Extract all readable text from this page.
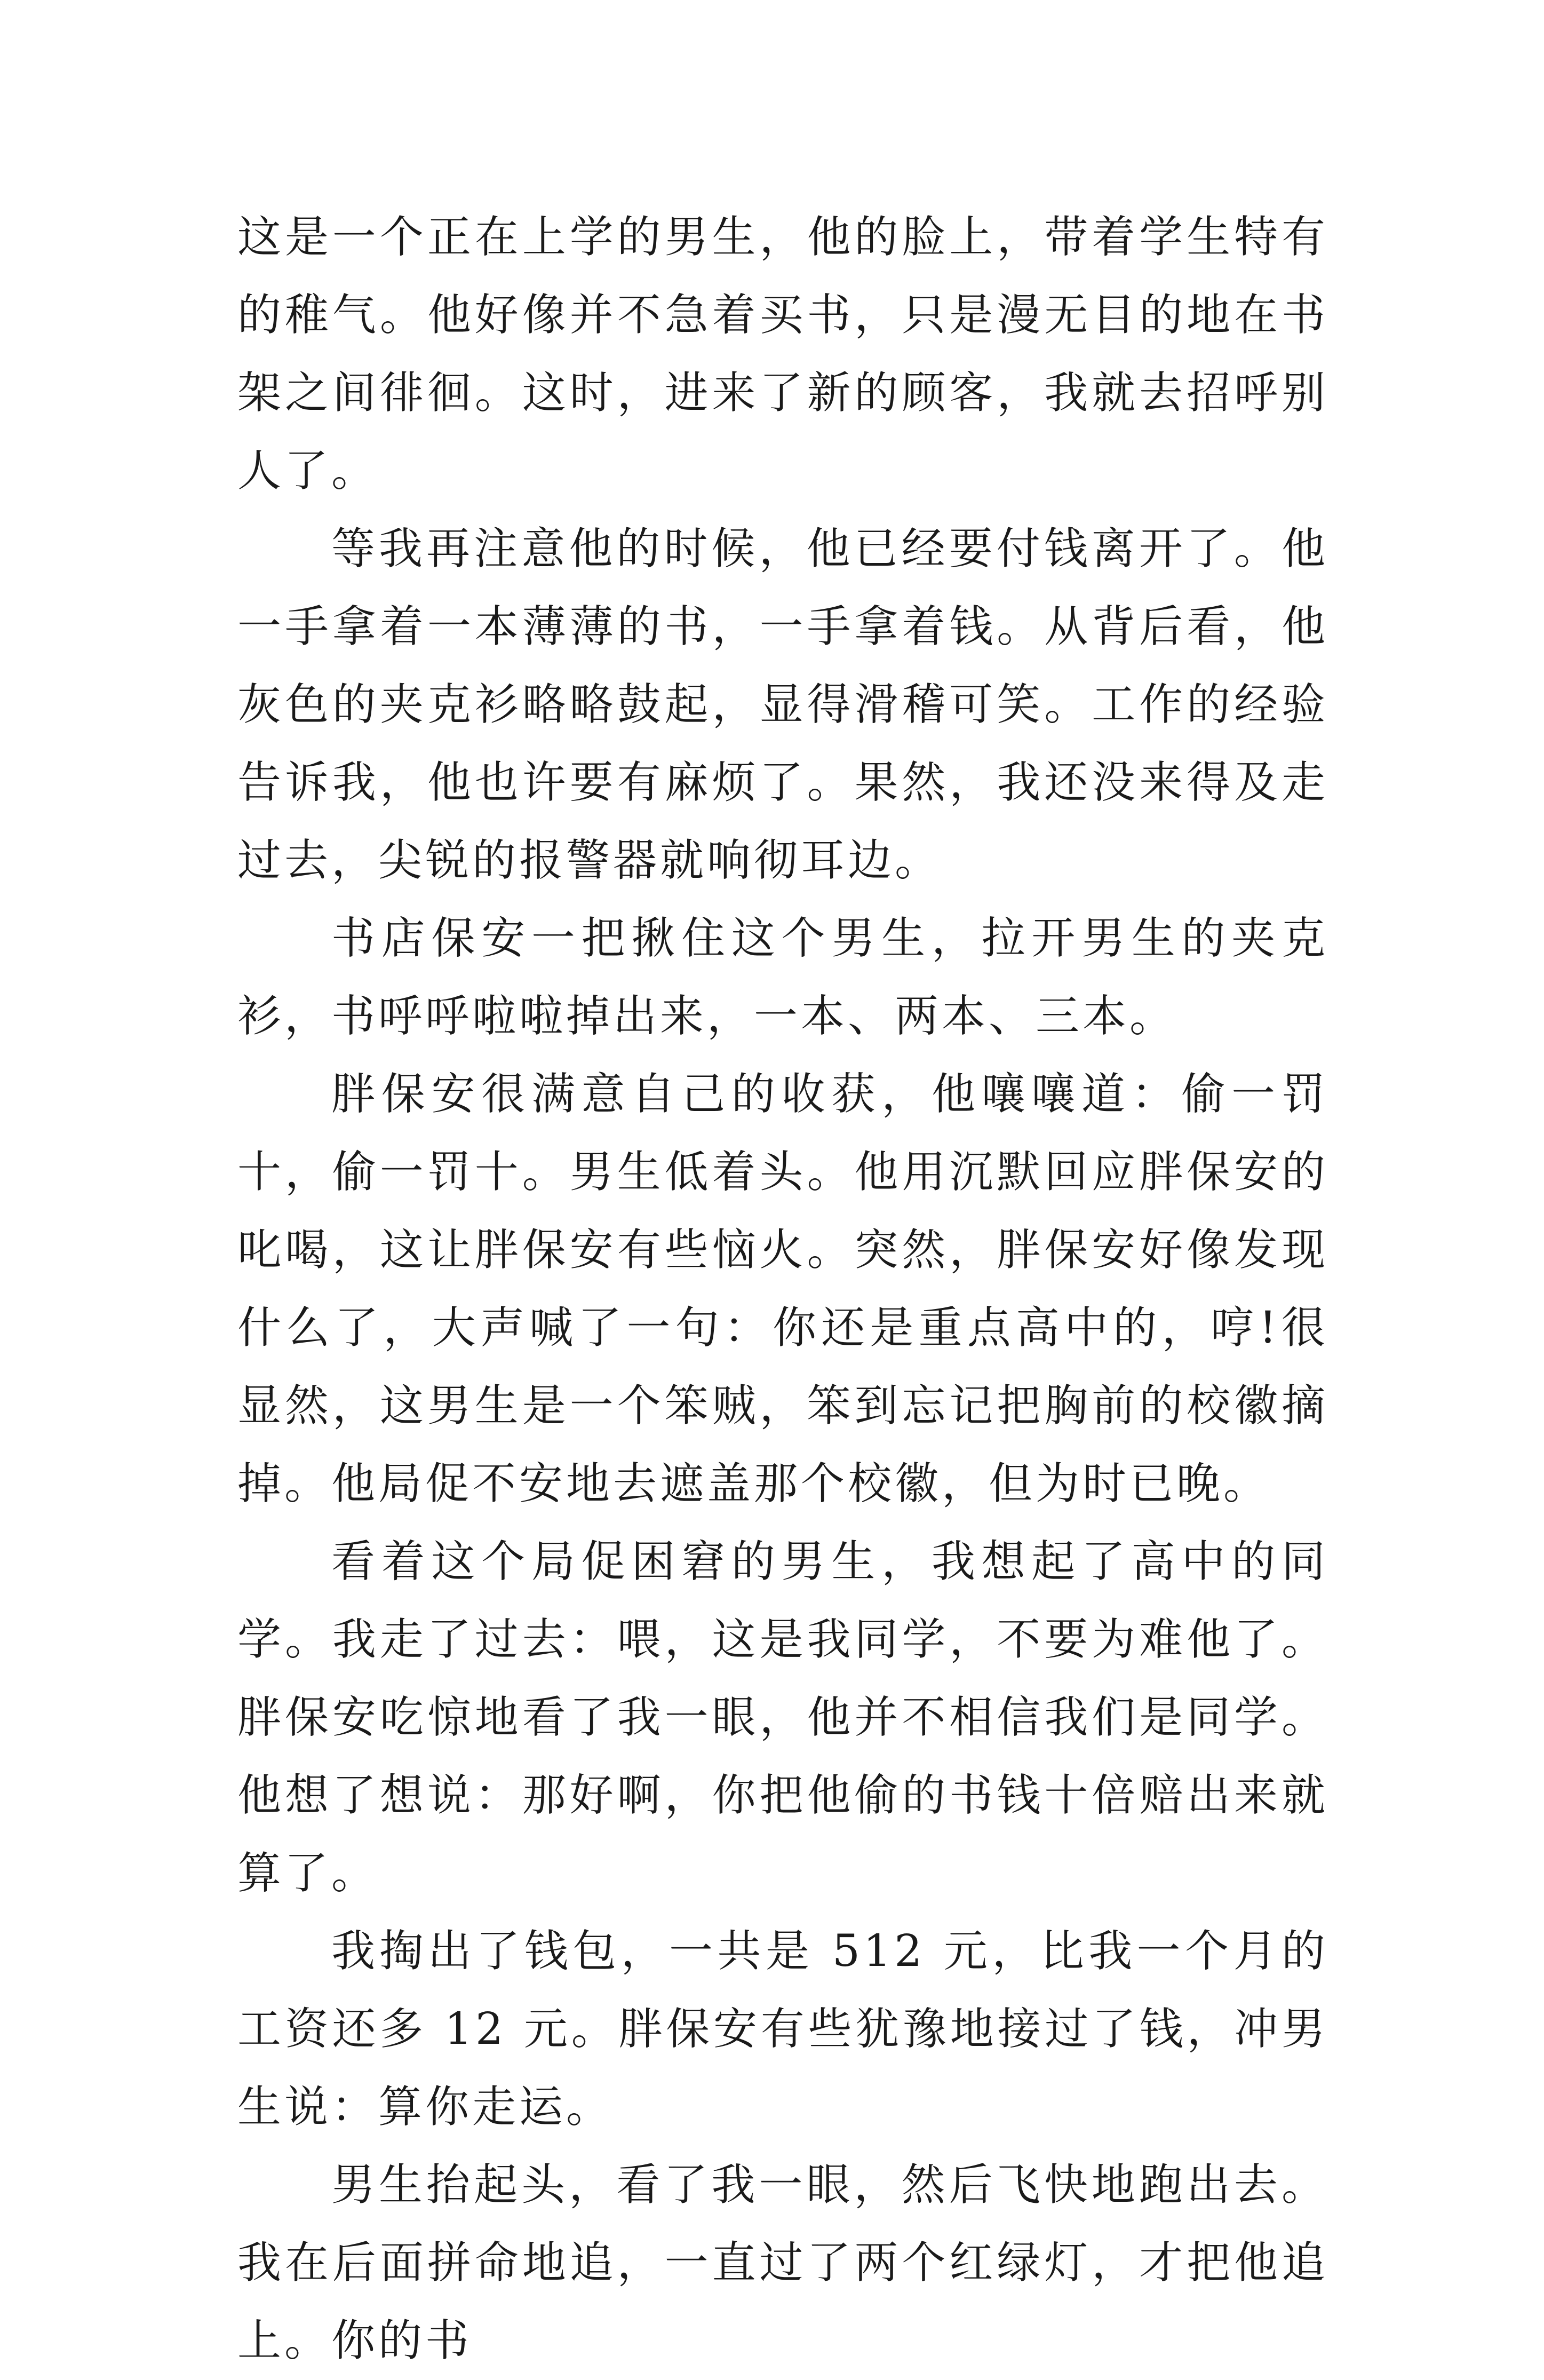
这是一个正在上学的男生，他的脸上，带着学生特有的稚气。他好像并不急着买书，只是漫无目的地在书架之间徘徊。这时，进来了新的顾客，我就去招呼别人了。

等我再注意他的时候，他已经要付钱离开了。他一手拿着一本薄薄的书，一手拿着钱。从背后看，他灰色的夹克衫略略鼓起，显得滑稽可笑。工作的经验告诉我，他也许要有麻烦了。果然，我还没来得及走过去，尖锐的报警器就响彻耳边。

书店保安一把揪住这个男生，拉开男生的夹克衫，书呼呼啦啦掉出来，一本、两本、三本。

胖保安很满意自己的收获，他嚷嚷道：偷一罚十，偷一罚十。男生低着头。他用沉默回应胖保安的叱喝，这让胖保安有些恼火。突然，胖保安好像发现什么了，大声喊了一句：你还是重点高中的，哼!很显然，这男生是一个笨贼，笨到忘记把胸前的校徽摘掉。他局促不安地去遮盖那个校徽，但为时已晚。

看着这个局促困窘的男生，我想起了高中的同学。我走了过去：喂，这是我同学，不要为难他了。胖保安吃惊地看了我一眼，他并不相信我们是同学。他想了想说：那好啊，你把他偷的书钱十倍赔出来就算了。

我掏出了钱包，一共是 512 元，比我一个月的工资还多 12 元。胖保安有些犹豫地接过了钱，冲男生说：算你走运。

男生抬起头，看了我一眼，然后飞快地跑出去。我在后面拼命地追，一直过了两个红绿灯，才把他追上。你的书
